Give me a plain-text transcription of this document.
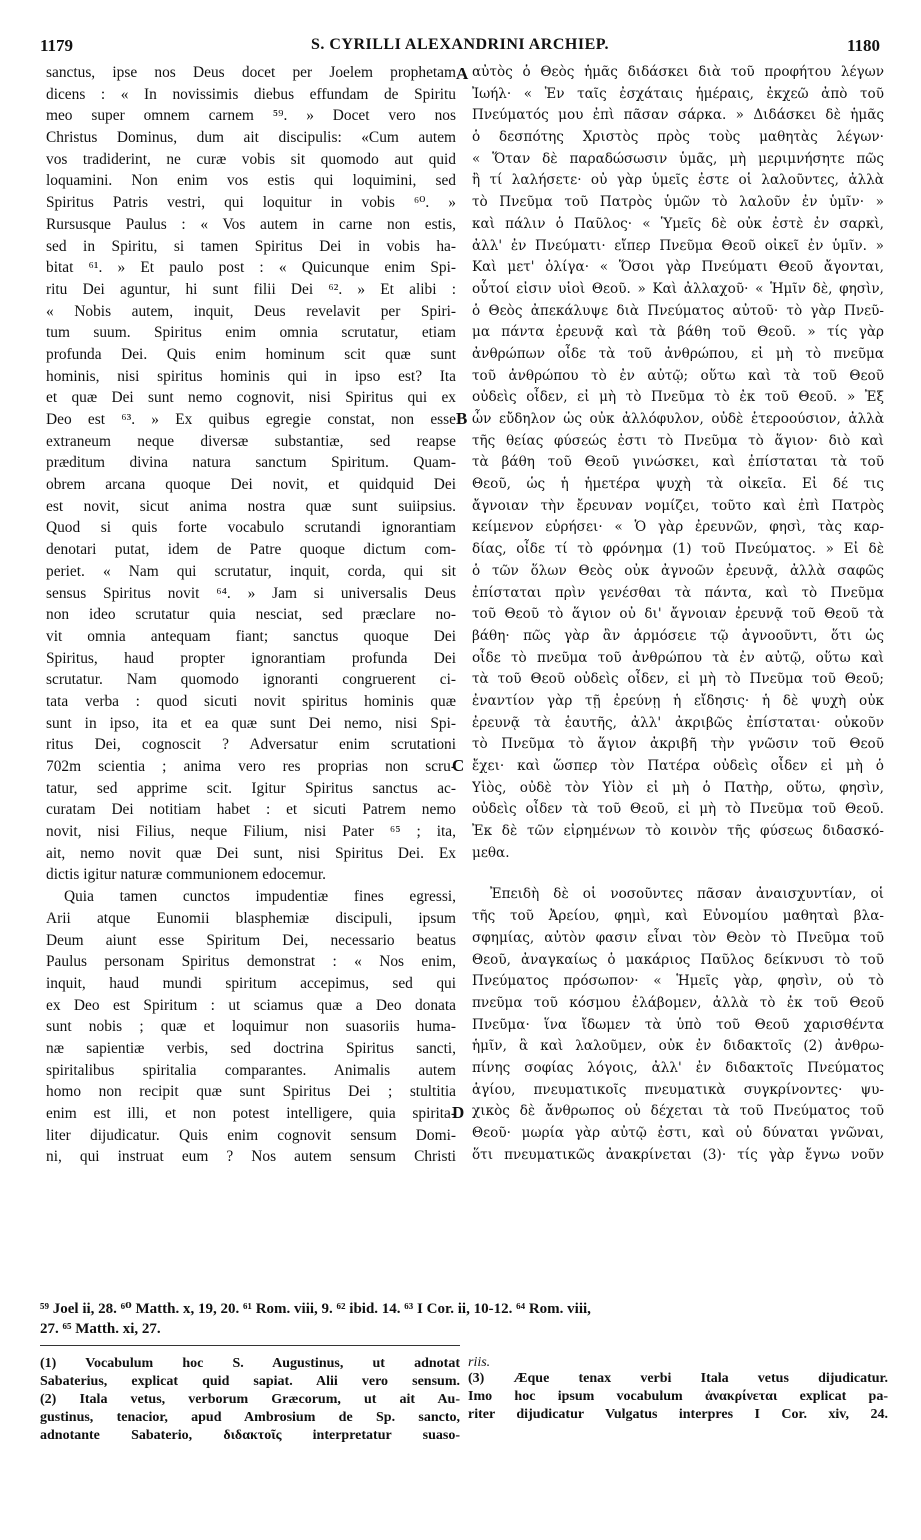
1179	S. CYRILLI ALEXANDRINI ARCHIEP.	1180
sanctus, ipse nos Deus docet per Joelem prophetam
dicens : « In novissimis diebus effundam de Spiritu
meo super omnem carnem ⁵⁹. » Docet vero nos
Christus Dominus, dum ait discipulis: «Cum autem
vos tradiderint, ne curæ vobis sit quomodo aut quid
loquamini. Non enim vos estis qui loquimini, sed
Spiritus Patris vestri, qui loquitur in vobis ⁶⁰. »
Rursusque Paulus : « Vos autem in carne non estis,
sed in Spiritu, si tamen Spiritus Dei in vobis ha-
bitat ⁶¹. » Et paulo post : « Quicunque enim Spi-
ritu Dei aguntur, hi sunt filii Dei ⁶². » Et alibi :
« Nobis autem, inquit, Deus revelavit per Spiri-
tum suum. Spiritus enim omnia scrutatur, etiam
profunda Dei. Quis enim hominum scit quæ sunt
hominis, nisi spiritus hominis qui in ipso est? Ita
et quæ Dei sunt nemo cognovit, nisi Spiritus qui ex
Deo est ⁶³. » Ex quibus egregie constat, non esse
extraneum neque diversæ substantiæ, sed reapse
præditum divina natura sanctum Spiritum. Quam-
obrem arcana quoque Dei novit, et quidquid Dei
est novit, sicut anima nostra quæ sunt suiipsius.
Quod si quis forte vocabulo scrutandi ignorantiam
denotari putat, idem de Patre quoque dictum com-
periet. « Nam qui scrutatur, inquit, corda, qui sit
sensus Spiritus novit ⁶⁴. » Jam si universalis Deus
non ideo scrutatur quia nesciat, sed præclare no-
vit omnia antequam fiant; sanctus quoque Dei
Spiritus, haud propter ignorantiam profunda Dei
scrutatur. Nam quomodo ignoranti congruerent ci-
tata verba : quod sicuti novit spiritus hominis quæ
sunt in ipso, ita et ea quæ sunt Dei nemo, nisi Spi-
ritus Dei, cognoscit ? Adversatur enim scrutationi
702m scientia ; anima vero res proprias non scru-
tatur, sed apprime scit. Igitur Spiritus sanctus ac-
curatam Dei notitiam habet : et sicuti Patrem nemo
novit, nisi Filius, neque Filium, nisi Pater ⁶⁵ ; ita,
ait, nemo novit quæ Dei sunt, nisi Spiritus Dei. Ex
dictis igitur naturæ communionem edocemur.
Quia tamen cunctos impudentiæ fines egressi,
Arii atque Eunomii blasphemiæ discipuli, ipsum
Deum aiunt esse Spiritum Dei, necessario beatus
Paulus personam Spiritus demonstrat : « Nos enim,
inquit, haud mundi spiritum accepimus, sed qui
ex Deo est Spiritum : ut sciamus quæ a Deo donata
sunt nobis ; quæ et loquimur non suasoriis huma-
næ sapientiæ verbis, sed doctrina Spiritus sancti,
spiritalibus spiritalia comparantes. Animalis autem
homo non recipit quæ sunt Spiritus Dei ; stultitia
enim est illi, et non potest intelligere, quia spirita-
liter dijudicatur. Quis enim cognovit sensum Domi-
ni, qui instruat eum ? Nos autem sensum Christi
αὐτὸς ὁ Θεὸς ἡμᾶς διδάσκει διὰ τοῦ προφήτου λέγων
Ἰωήλ· « Ἐν ταῖς ἐσχάταις ἡμέραις, ἐκχεῶ ἀπὸ τοῦ
Πνεύματός μου ἐπὶ πᾶσαν σάρκα. » Διδάσκει δὲ ἡμᾶς
ὁ δεσπότης Χριστὸς πρὸς τοὺς μαθητὰς λέγων·
« Ὅταν δὲ παραδώσωσιν ὑμᾶς, μὴ μεριμνήσητε πῶς
ἢ τί λαλήσετε· οὐ γὰρ ὑμεῖς ἐστε οἱ λαλοῦντες, ἀλλὰ
τὸ Πνεῦμα τοῦ Πατρὸς ὑμῶν τὸ λαλοῦν ἐν ὑμῖν· »
καὶ πάλιν ὁ Παῦλος· « Ὑμεῖς δὲ οὐκ ἐστὲ ἐν σαρκὶ,
ἀλλ' ἐν Πνεύματι· εἴπερ Πνεῦμα Θεοῦ οἰκεῖ ἐν ὑμῖν. »
Καὶ μετ' ὀλίγα· « Ὅσοι γὰρ Πνεύματι Θεοῦ ἄγονται,
οὗτοί εἰσιν υἱοὶ Θεοῦ. » Καὶ ἀλλαχοῦ· « Ἡμῖν δὲ, φησὶν,
ὁ Θεὸς ἀπεκάλυψε διὰ Πνεύματος αὐτοῦ· τὸ γὰρ Πνεῦ-
μα πάντα ἐρευνᾷ καὶ τὰ βάθη τοῦ Θεοῦ. » τίς γὰρ
ἀνθρώπων οἶδε τὰ τοῦ ἀνθρώπου, εἰ μὴ τὸ πνεῦμα
τοῦ ἀνθρώπου τὸ ἐν αὐτῷ; οὕτω καὶ τὰ τοῦ Θεοῦ
οὐδεὶς οἶδεν, εἰ μὴ τὸ Πνεῦμα τὸ ἐκ τοῦ Θεοῦ. » Ἐξ
ὧν εὔδηλον ὡς οὐκ ἀλλόφυλον, οὐδὲ ἑτεροούσιον, ἀλλὰ
τῆς θείας φύσεώς ἐστι τὸ Πνεῦμα τὸ ἅγιον· διὸ καὶ
τὰ βάθη τοῦ Θεοῦ γινώσκει, καὶ ἐπίσταται τὰ τοῦ
Θεοῦ, ὡς ἡ ἡμετέρα ψυχὴ τὰ οἰκεῖα. Εἰ δέ τις
ἄγνοιαν τὴν ἔρευναν νομίζει, τοῦτο καὶ ἐπὶ Πατρὸς
κείμενον εὑρήσει· « Ὁ γὰρ ἐρευνῶν, φησὶ, τὰς καρ-
δίας, οἶδε τί τὸ φρόνημα (1) τοῦ Πνεύματος. » Εἰ δὲ
ὁ τῶν ὅλων Θεὸς οὐκ ἀγνοῶν ἐρευνᾷ, ἀλλὰ σαφῶς
ἐπίσταται πρὶν γενέσθαι τὰ πάντα, καὶ τὸ Πνεῦμα
τοῦ Θεοῦ τὸ ἅγιον οὐ δι' ἄγνοιαν ἐρευνᾷ τοῦ Θεοῦ τὰ
βάθη· πῶς γὰρ ἂν ἁρμόσειε τῷ ἀγνοοῦντι, ὅτι ὡς
οἶδε τὸ πνεῦμα τοῦ ἀνθρώπου τὰ ἐν αὐτῷ, οὕτω καὶ
τὰ τοῦ Θεοῦ οὐδεὶς οἶδεν, εἰ μὴ τὸ Πνεῦμα τοῦ Θεοῦ;
ἐναντίον γὰρ τῇ ἐρεύνῃ ἡ εἴδησις· ἡ δὲ ψυχὴ οὐκ
ἐρευνᾷ τὰ ἑαυτῆς, ἀλλ' ἀκριβῶς ἐπίσταται· οὐκοῦν
τὸ Πνεῦμα τὸ ἅγιον ἀκριβῆ τὴν γνῶσιν τοῦ Θεοῦ
ἔχει· καὶ ὥσπερ τὸν Πατέρα οὐδεὶς οἶδεν εἰ μὴ ὁ
Υἱὸς, οὐδὲ τὸν Υἱὸν εἰ μὴ ὁ Πατὴρ, οὕτω, φησὶν,
οὐδεὶς οἶδεν τὰ τοῦ Θεοῦ, εἰ μὴ τὸ Πνεῦμα τοῦ Θεοῦ.
Ἐκ δὲ τῶν εἰρημένων τὸ κοινὸν τῆς φύσεως διδασκό-
μεθα.
Ἐπειδὴ δὲ οἱ νοσοῦντες πᾶσαν ἀναισχυντίαν, οἱ
τῆς τοῦ Ἀρείου, φημὶ, καὶ Εὐνομίου μαθηταὶ βλα-
σφημίας, αὐτὸν φασιν εἶναι τὸν Θεὸν τὸ Πνεῦμα τοῦ
Θεοῦ, ἀναγκαίως ὁ μακάριος Παῦλος δείκνυσι τὸ τοῦ
Πνεύματος πρόσωπον· « Ἡμεῖς γὰρ, φησὶν, οὐ τὸ
πνεῦμα τοῦ κόσμου ἐλάβομεν, ἀλλὰ τὸ ἐκ τοῦ Θεοῦ
Πνεῦμα· ἵνα ἴδωμεν τὰ ὑπὸ τοῦ Θεοῦ χαρισθέντα
ἡμῖν, ἃ καὶ λαλοῦμεν, οὐκ ἐν διδακτοῖς (2) ἀνθρω-
πίνης σοφίας λόγοις, ἀλλ' ἐν διδακτοῖς Πνεύματος
ἁγίου, πνευματικοῖς πνευματικὰ συγκρίνοντες· ψυ-
χικὸς δὲ ἄνθρωπος οὐ δέχεται τὰ τοῦ Πνεύματος τοῦ
Θεοῦ· μωρία γὰρ αὐτῷ ἐστι, καὶ οὐ δύναται γνῶναι,
ὅτι πνευματικῶς ἀνακρίνεται (3)· τίς γὰρ ἔγνω νοῦν
A
B
C
D
⁵⁹ Joel ii, 28. ⁶⁰ Matth. x, 19, 20. ⁶¹ Rom. viii, 9. ⁶² ibid. 14. ⁶³ I Cor. ii, 10-12. ⁶⁴ Rom. viii,
27. ⁶⁵ Matth. xi, 27.
(1) Vocabulum hoc S. Augustinus, ut adnotat
Sabaterius, explicat quid sapiat. Alii vero sensum.
(2) Itala vetus, verborum Græcorum, ut ait Au-
gustinus, tenacior, apud Ambrosium de Sp. sancto,
adnotante Sabaterio, διδακτοῖς interpretatur suaso-
riis.
(3) Æque tenax verbi Itala vetus dijudicatur.
Imo hoc ipsum vocabulum ἀνακρίνεται explicat pa-
riter dijudicatur Vulgatus interpres I Cor. xiv, 24.
